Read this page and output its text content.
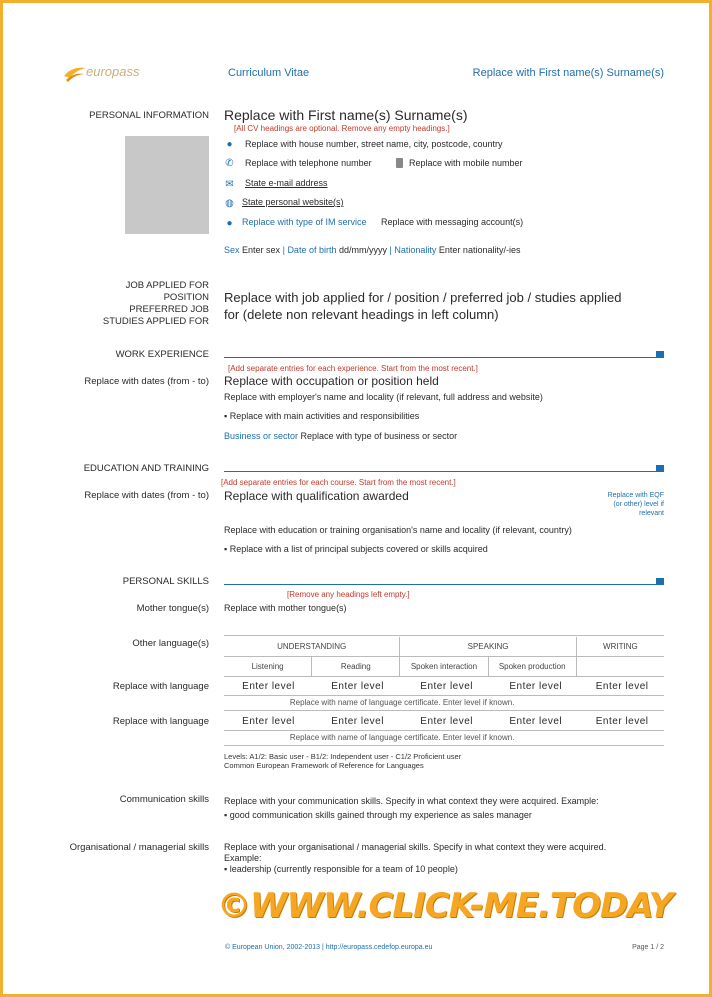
europass	Curriculum Vitae	Replace with First name(s) Surname(s)
PERSONAL INFORMATION Replace with First name(s) Surname(s)
[All CV headings are optional. Remove any empty headings.]
● Replace with house number, street name, city, postcode, country
✆ Replace with telephone number	Replace with mobile number
✉ State e-mail address
◍ State personal website(s)
● Replace with type of IM service Replace with messaging account(s)
Sex Enter sex | Date of birth dd/mm/yyyy | Nationality Enter nationality/-ies
JOB APPLIED FOR
POSITION
PREFERRED JOB
STUDIES APPLIED FOR
Replace with job applied for / position / preferred job / studies applied
for (delete non relevant headings in left column)
WORK EXPERIENCE
[Add separate entries for each experience. Start from the most recent.]
Replace with dates (from - to) Replace with occupation or position held
Replace with employer's name and locality (if relevant, full address and website)
▪ Replace with main activities and responsibilities
Business or sector Replace with type of business or sector
EDUCATION AND TRAINING
[Add separate entries for each course. Start from the most recent.]
Replace with dates (from - to) Replace with qualification awarded	Replace with EQF
(or other) level if
relevant
Replace with education or training organisation's name and locality (if relevant, country)
▪ Replace with a list of principal subjects covered or skills acquired
PERSONAL SKILLS
[Remove any headings left empty.]
Mother tongue(s) Replace with mother tongue(s)
Other language(s)	UNDERSTANDING		SPEAKING		WRITING
Listening	Reading	Spoken interaction	Spoken production	
Replace with language	Enter level	Enter level	Enter level	Enter level	Enter level
Replace with name of language certificate. Enter level if known.				
Replace with language	Enter level	Enter level	Enter level	Enter level	Enter level
Replace with name of language certificate. Enter level if known.				
Levels: A1/2: Basic user - B1/2: Independent user - C1/2 Proficient user
Common European Framework of Reference for Languages
Communication skills Replace with your communication skills. Specify in what context they were acquired. Example:
▪ good communication skills gained through my experience as sales manager
Organisational / managerial skills Replace with your organisational / managerial skills. Specify in what context they were acquired.
Example:
▪ leadership (currently responsible for a team of 10 people)
©WWW.CLICK-ME.TODAY
© European Union, 2002-2013 | http://europass.cedefop.europa.eu	Page 1 / 2
